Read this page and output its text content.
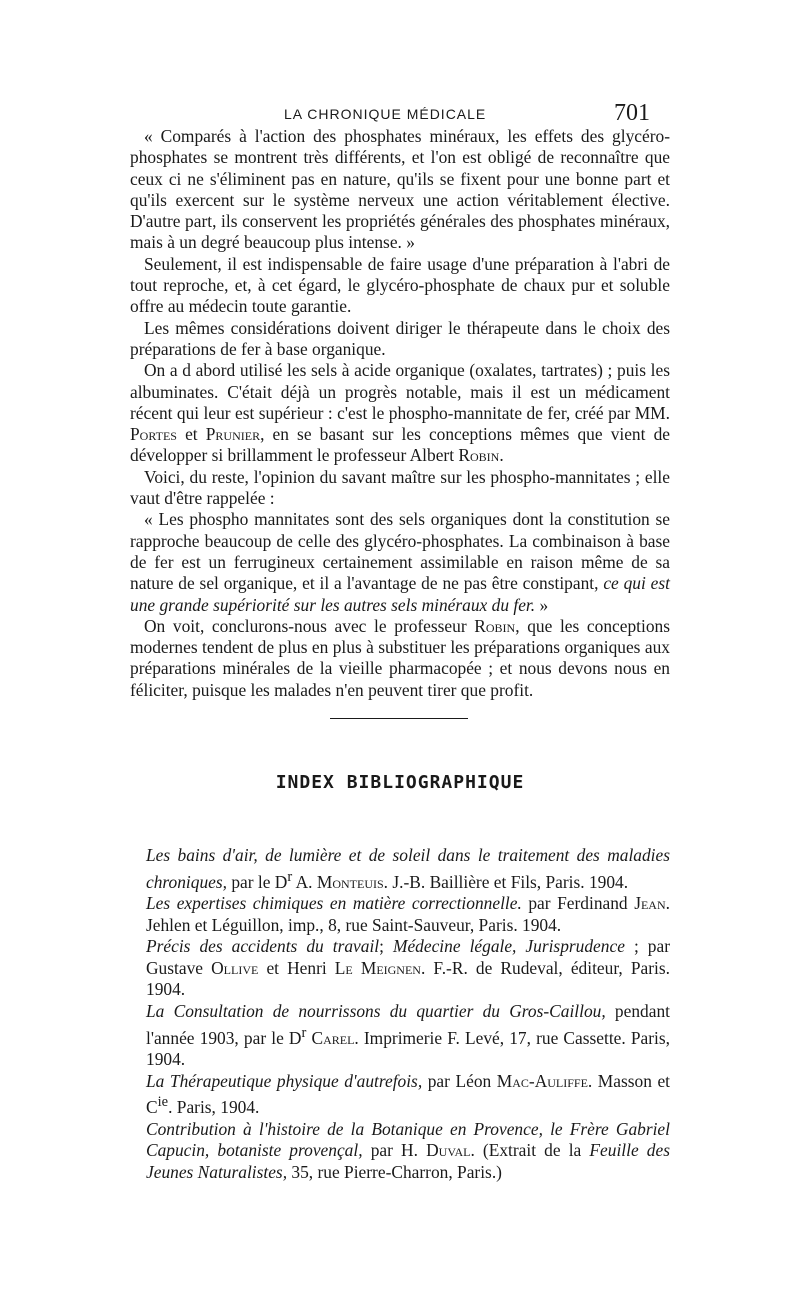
LA CHRONIQUE MÉDICALE	701

« Comparés à l'action des phosphates minéraux, les effets des glycéro-phosphates se montrent très différents, et l'on est obligé de reconnaître que ceux ci ne s'éliminent pas en nature, qu'ils se fixent pour une bonne part et qu'ils exercent sur le système nerveux une action véritablement élective. D'autre part, ils conservent les propriétés générales des phosphates minéraux, mais à un degré beaucoup plus intense. »

Seulement, il est indispensable de faire usage d'une préparation à l'abri de tout reproche, et, à cet égard, le glycéro-phosphate de chaux pur et soluble offre au médecin toute garantie.

Les mêmes considérations doivent diriger le thérapeute dans le choix des préparations de fer à base organique.

On a d abord utilisé les sels à acide organique (oxalates, tartrates) ; puis les albuminates. C'était déjà un progrès notable, mais il est un médicament récent qui leur est supérieur : c'est le phospho-mannitate de fer, créé par MM. Portes et Prunier, en se basant sur les conceptions mêmes que vient de développer si brillamment le professeur Albert Robin.

Voici, du reste, l'opinion du savant maître sur les phospho-mannitates ; elle vaut d'être rappelée :

« Les phospho mannitates sont des sels organiques dont la constitution se rapproche beaucoup de celle des glycéro-phosphates. La combinaison à base de fer est un ferrugineux certainement assimilable en raison même de sa nature de sel organique, et il a l'avantage de ne pas être constipant, ce qui est une grande supériorité sur les autres sels minéraux du fer. »

On voit, conclurons-nous avec le professeur Robin, que les conceptions modernes tendent de plus en plus à substituer les préparations organiques aux préparations minérales de la vieille pharmacopée ; et nous devons nous en féliciter, puisque les malades n'en peuvent tirer que profit.

INDEX BIBLIOGRAPHIQUE

Les bains d'air, de lumière et de soleil dans le traitement des maladies chroniques, par le $D^r$ A. Monteuis. J.-B. Baillière et Fils, Paris. 1904.

Les expertises chimiques en matière correctionnelle. par Ferdinand Jean. Jehlen et Léguillon, imp., 8, rue Saint-Sauveur, Paris. 1904.

Précis des accidents du travail; Médecine légale, Jurisprudence ; par Gustave Ollive et Henri Le Meignen. F.-R. de Rudeval, éditeur, Paris. 1904.

La Consultation de nourrissons du quartier du Gros-Caillou, pendant l'année 1903, par le $D^r$ Carel. Imprimerie F. Levé, 17, rue Cassette. Paris, 1904.

La Thérapeutique physique d'autrefois, par Léon Mac-Auliffe. Masson et $C^{ie}$. Paris, 1904.

Contribution à l'histoire de la Botanique en Provence, le Frère Gabriel Capucin, botaniste provençal, par H. Duval. (Extrait de la Feuille des Jeunes Naturalistes, 35, rue Pierre-Charron, Paris.)
